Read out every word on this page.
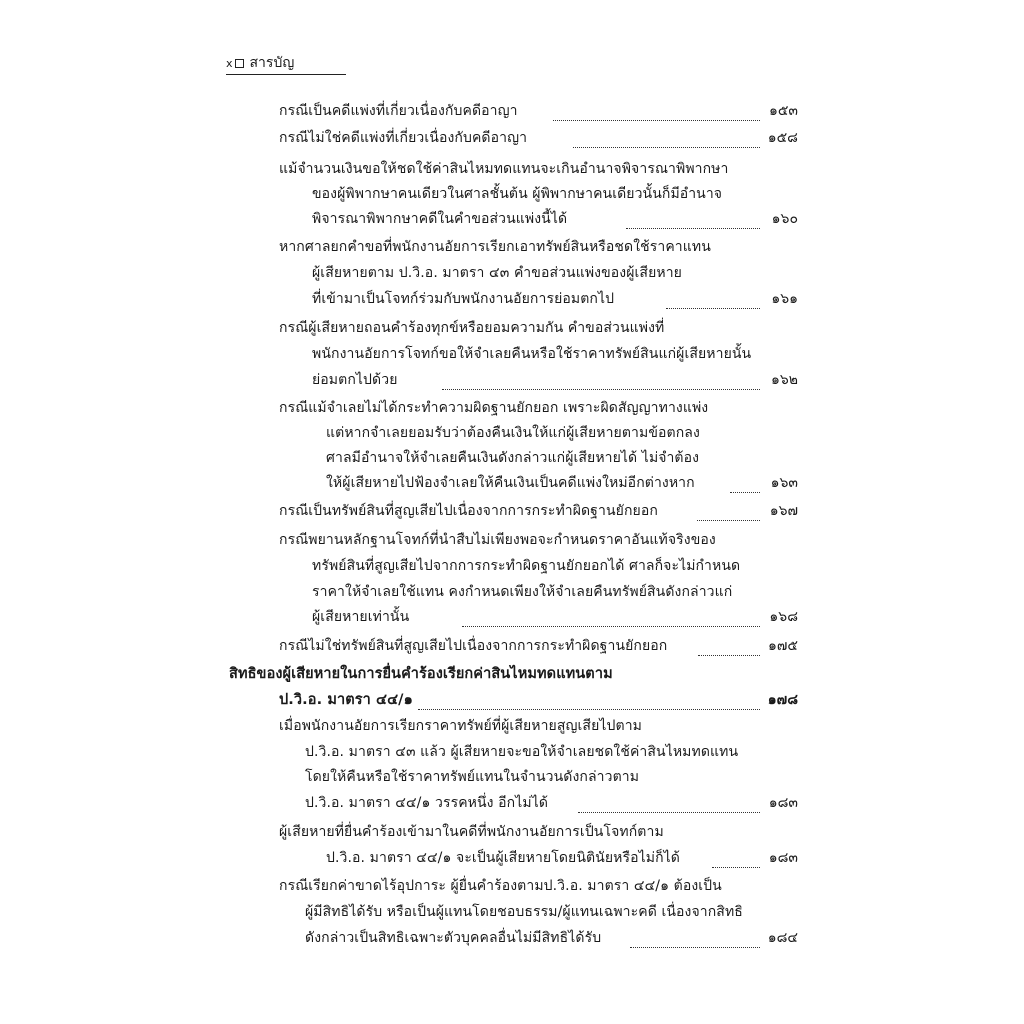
x สารบัญ
กรณีเป็นคดีแพ่งที่เกี่ยวเนื่องกับคดีอาญา	๑๕๓
กรณีไม่ใช่คดีแพ่งที่เกี่ยวเนื่องกับคดีอาญา	๑๕๘
แม้จำนวนเงินขอให้ชดใช้ค่าสินไหมทดแทนจะเกินอำนาจพิจารณาพิพากษา
ของผู้พิพากษาคนเดียวในศาลชั้นต้น ผู้พิพากษาคนเดียวนั้นก็มีอำนาจ
พิจารณาพิพากษาคดีในคำขอส่วนแพ่งนี้ได้	๑๖๐
หากศาลยกคำขอที่พนักงานอัยการเรียกเอาทรัพย์สินหรือชดใช้ราคาแทน
ผู้เสียหายตาม ป.วิ.อ. มาตรา ๔๓ คำขอส่วนแพ่งของผู้เสียหาย
ที่เข้ามาเป็นโจทก์ร่วมกับพนักงานอัยการย่อมตกไป	๑๖๑
กรณีผู้เสียหายถอนคำร้องทุกข์หรือยอมความกัน คำขอส่วนแพ่งที่
พนักงานอัยการโจทก์ขอให้จำเลยคืนหรือใช้ราคาทรัพย์สินแก่ผู้เสียหายนั้น
ย่อมตกไปด้วย	๑๖๒
กรณีแม้จำเลยไม่ได้กระทำความผิดฐานยักยอก เพราะผิดสัญญาทางแพ่ง
แต่หากจำเลยยอมรับว่าต้องคืนเงินให้แก่ผู้เสียหายตามข้อตกลง
ศาลมีอำนาจให้จำเลยคืนเงินดังกล่าวแก่ผู้เสียหายได้ ไม่จำต้อง
ให้ผู้เสียหายไปฟ้องจำเลยให้คืนเงินเป็นคดีแพ่งใหม่อีกต่างหาก	๑๖๓
กรณีเป็นทรัพย์สินที่สูญเสียไปเนื่องจากการกระทำผิดฐานยักยอก	๑๖๗
กรณีพยานหลักฐานโจทก์ที่นำสืบไม่เพียงพอจะกำหนดราคาอันแท้จริงของ
ทรัพย์สินที่สูญเสียไปจากการกระทำผิดฐานยักยอกได้ ศาลก็จะไม่กำหนด
ราคาให้จำเลยใช้แทน คงกำหนดเพียงให้จำเลยคืนทรัพย์สินดังกล่าวแก่
ผู้เสียหายเท่านั้น	๑๖๘
กรณีไม่ใช่ทรัพย์สินที่สูญเสียไปเนื่องจากการกระทำผิดฐานยักยอก	๑๗๕
สิทธิของผู้เสียหายในการยื่นคำร้องเรียกค่าสินไหมทดแทนตาม
ป.วิ.อ. มาตรา ๔๔/๑	๑๗๘
เมื่อพนักงานอัยการเรียกราคาทรัพย์ที่ผู้เสียหายสูญเสียไปตาม
ป.วิ.อ. มาตรา ๔๓ แล้ว ผู้เสียหายจะขอให้จำเลยชดใช้ค่าสินไหมทดแทน
โดยให้คืนหรือใช้ราคาทรัพย์แทนในจำนวนดังกล่าวตาม
ป.วิ.อ. มาตรา ๔๔/๑ วรรคหนึ่ง อีกไม่ได้	๑๘๓
ผู้เสียหายที่ยื่นคำร้องเข้ามาในคดีที่พนักงานอัยการเป็นโจทก์ตาม
ป.วิ.อ. มาตรา ๔๔/๑ จะเป็นผู้เสียหายโดยนิตินัยหรือไม่ก็ได้	๑๘๓
กรณีเรียกค่าขาดไร้อุปการะ ผู้ยื่นคำร้องตามป.วิ.อ. มาตรา ๔๔/๑ ต้องเป็น
ผู้มีสิทธิได้รับ หรือเป็นผู้แทนโดยชอบธรรม/ผู้แทนเฉพาะคดี เนื่องจากสิทธิ
ดังกล่าวเป็นสิทธิเฉพาะตัวบุคคลอื่นไม่มีสิทธิได้รับ	๑๘๔
